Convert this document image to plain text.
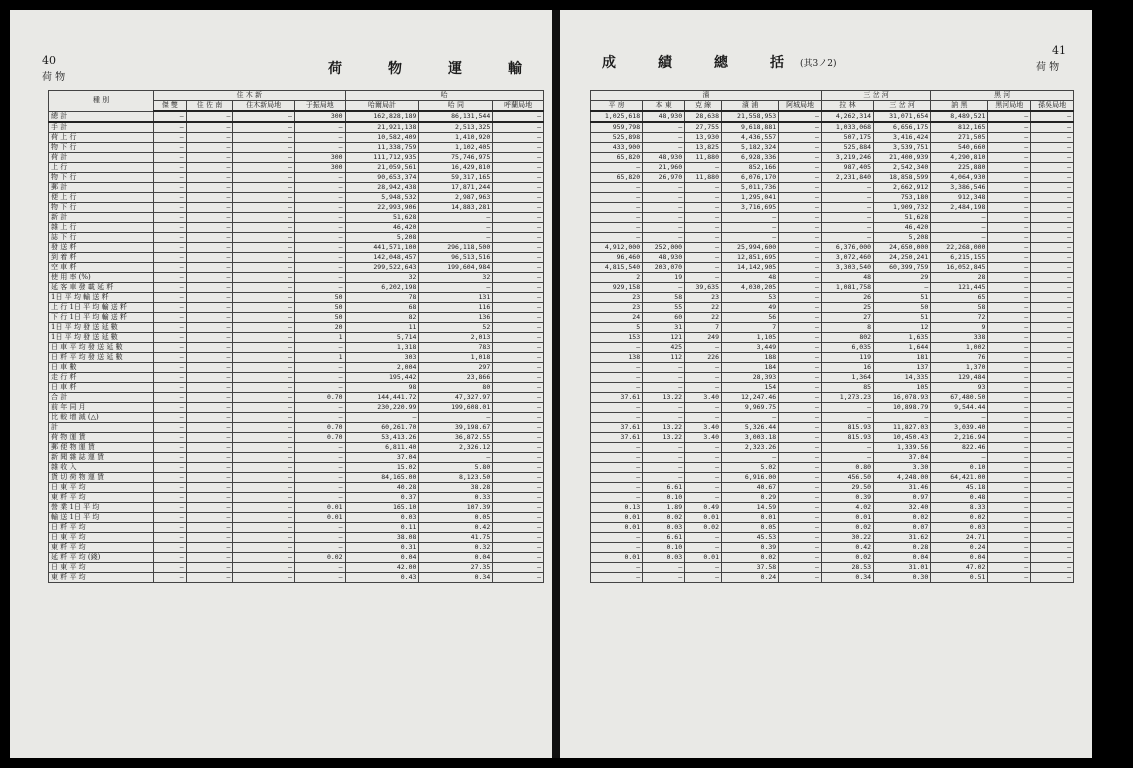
40
荷 物
荷	物	運	輸
種 別	住 木 新				哈		
	傑 雙	住 佐 南	住木新局地	于振局地	哈爾局計	哈 同	呼蘭局地
總 計	—	—	—	300	162,828,189	86,131,544	—
手 計	—	—	—	—	21,921,138	2,513,325	—
荷 上 行	—	—	—	—	10,582,409	1,410,920	—
物 下 行	—	—	—	—	11,338,759	1,102,405	—
荷 計	—	—	—	300	111,712,935	75,746,975	—
上 行	—	—	—	300	21,059,561	16,429,810	—
物 下 行	—	—	—	—	90,653,374	59,317,165	—
郵 計	—	—	—	—	28,942,438	17,871,244	—
便 上 行	—	—	—	—	5,948,532	2,987,963	—
物 下 行	—	—	—	—	22,993,906	14,883,281	—
新 計	—	—	—	—	51,628	—	—
雜 上 行	—	—	—	—	46,420	—	—
誌 下 行	—	—	—	—	5,208	—	—
發 送 粁	—	—	—	—	441,571,100	296,118,500	—
到 着 粁	—	—	—	—	142,048,457	96,513,516	—
空 車 粁	—	—	—	—	299,522,643	199,604,984	—
使 用 率 (%)	—	—	—	—	32	32	—
延 客 車 發 載 延 粁	—	—	—	—	6,202,198	—	—
1日 平 均 輸 送 粁	—	—	—	50	78	131	—
上 行 1日 平 均 輸 送 粁	—	—	—	50	68	116	—
下 行 1日 平 均 輸 送 粁	—	—	—	50	82	136	—
1日 平 均 發 送 延 數	—	—	—	20	11	52	—
1日 平 均 發 送 延 數	—	—	—	1	5,714	2,013	—
日 車 平 均 發 送 延 數	—	—	—	—	1,318	783	—
日 粁 平 均 發 送 延 數	—	—	—	1	303	1,018	—
日 車 數	—	—	—	—	2,004	297	—
走 行 粁	—	—	—	—	195,442	23,866	—
日 車 粁	—	—	—	—	98	80	—
合 計	—	—	—	0.70	144,441.72	47,327.97	—
前 年 同 月	—	—	—	—	230,220.99	199,608.01	—
比 較 增 減 (△)	—	—	—	—	—	—	—
計	—	—	—	0.70	60,261.70	39,198.67	—
荷 物 運 賃	—	—	—	0.70	53,413.26	36,872.55	—
郵 便 物 運 賃	—	—	—	—	6,811.40	2,326.12	—
新 聞 雜 誌 運 賃	—	—	—	—	37.04	—	—
雜 收 入	—	—	—	—	15.02	5.80	—
貨 切 荷 物 運 賃	—	—	—	—	84,165.00	8,123.50	—
日 東 平 均	—	—	—	—	40.28	38.28	—
東 粁 平 均	—	—	—	—	0.37	0.33	—
營 業 1日 平 均	—	—	—	0.01	165.10	107.39	—
輸 送 1日 平 均	—	—	—	0.01	0.03	0.05	—
日 粁 平 均	—	—	—	—	0.11	0.42	—
日 東 平 均	—	—	—	—	38.08	41.75	—
東 粁 平 均	—	—	—	—	0.31	0.32	—
延 粁 平 均 (錢)	—	—	—	0.02	0.04	0.04	—
日 東 平 均	—	—	—	—	42.00	27.35	—
東 粁 平 均	—	—	—	—	0.43	0.34	—
41
荷 物
成	績	總	括 (其3ノ2)
濱					三 岔 河		黑 河		
平 房	本 東	克 線	濱 浦	阿城局地	拉 林	三 岔 河	訥 黑	黑河局地	孫吳局地
1,025,618	48,930	28,638	21,558,953	—	4,262,314	31,071,654	8,489,521	—	—
959,798	—	27,755	9,618,881	—	1,033,068	6,656,175	812,165	—	—
525,898	—	13,930	4,436,557	—	507,175	3,416,424	271,505	—	—
433,900	—	13,825	5,182,324	—	525,884	3,539,751	540,660	—	—
65,820	48,930	11,880	6,928,336	—	3,219,246	21,400,939	4,290,810	—	—
—	21,960	—	852,166	—	987,405	2,542,340	225,880	—	—
65,820	26,970	11,880	6,076,170	—	2,231,840	18,858,599	4,064,930	—	—
—	—	—	5,011,736	—	—	2,662,912	3,386,546	—	—
—	—	—	1,295,041	—	—	753,180	912,348	—	—
—	—	—	3,716,695	—	—	1,909,732	2,484,198	—	—
—	—	—	—	—	—	51,628	—	—	—
—	—	—	—	—	—	46,420	—	—	—
—	—	—	—	—	—	5,208	—	—	—
4,912,000	252,000	—	25,994,600	—	6,376,000	24,650,000	22,268,000	—	—
96,460	48,930	—	12,851,695	—	3,072,460	24,250,241	6,215,155	—	—
4,815,540	203,070	—	14,142,905	—	3,303,540	60,399,759	16,052,845	—	—
2	19	—	48	—	48	29	28	—	—
929,158	—	39,635	4,030,205	—	1,081,758	—	121,445	—	—
23	58	23	53	—	26	51	65	—	—
23	55	22	49	—	25	50	58	—	—
24	60	22	56	—	27	51	72	—	—
5	31	7	7	—	8	12	9	—	—
153	121	249	1,105	—	802	1,635	338	—	—
—	425	—	3,449	—	6,035	1,644	1,002	—	—
138	112	226	188	—	119	181	76	—	—
—	—	—	184	—	16	137	1,370	—	—
—	—	—	28,393	—	1,364	14,335	129,484	—	—
—	—	—	154	—	85	105	93	—	—
37.61	13.22	3.40	12,247.46	—	1,273.23	16,078.93	67,480.50	—	—
—	—	—	9,969.75	—	—	10,898.79	9,544.44	—	—
—	—	—	—	—	—	—	—	—	—
37.61	13.22	3.40	5,326.44	—	815.93	11,827.03	3,039.40	—	—
37.61	13.22	3.40	3,003.18	—	815.93	10,450.43	2,216.94	—	—
—	—	—	2,323.26	—	—	1,339.56	822.46	—	—
—	—	—	—	—	—	37.04	—	—	—
—	—	—	5.02	—	0.80	3.30	0.10	—	—
—	—	—	6,916.00	—	456.50	4,248.00	64,421.00	—	—
—	6.61	—	40.67	—	29.50	31.46	45.18	—	—
—	0.10	—	0.29	—	0.39	0.97	0.48	—	—
0.13	1.89	0.49	14.59	—	4.02	32.40	8.33	—	—
0.01	0.02	0.01	0.01	—	0.01	0.02	0.02	—	—
0.01	0.03	0.02	0.05	—	0.02	0.07	0.03	—	—
—	6.61	—	45.53	—	30.22	31.62	24.71	—	—
—	0.10	—	0.39	—	0.42	0.28	0.24	—	—
0.01	0.03	0.01	0.02	—	0.02	0.04	0.04	—	—
—	—	—	37.58	—	28.53	31.01	47.02	—	—
—	—	—	0.24	—	0.34	0.30	0.51	—	—
